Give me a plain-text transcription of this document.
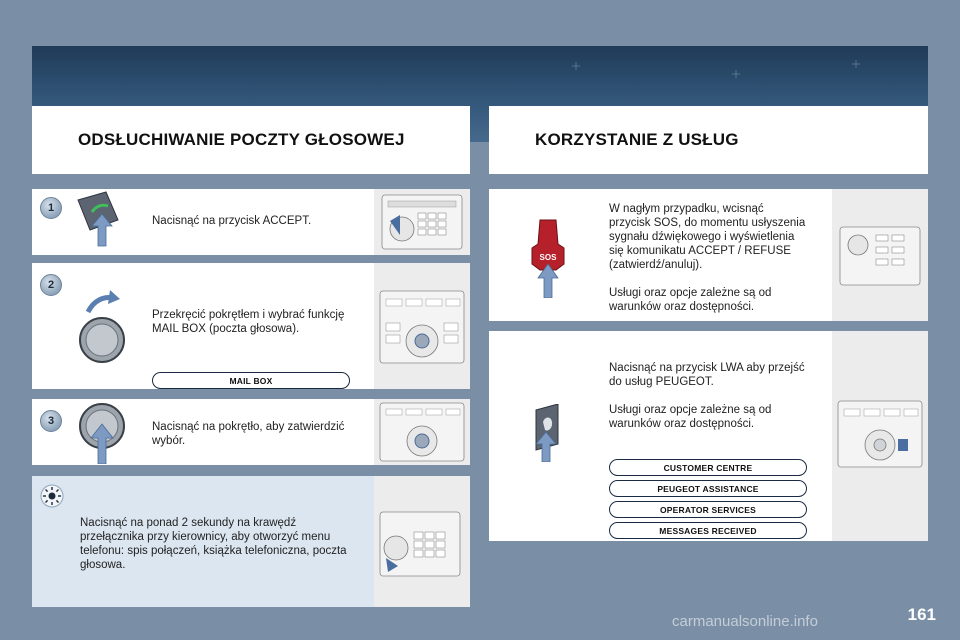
ODSŁUCHIWANIE POCZTY GŁOSOWEJ	KORZYSTANIE Z USŁUG

Nacisnąć na przycisk ACCEPT.

1

Przekręcić pokrętłem i wybrać funkcję
MAIL BOX (poczta głosowa).

2
MAIL BOX

Nacisnąć na pokrętło, aby zatwierdzić
wybór.

3

Nacisnąć na ponad 2 sekundy na krawędź
przełącznika przy kierownicy, aby otworzyć menu
telefonu: spis połączeń, książka telefoniczna, poczta
głosowa.

W nagłym przypadku, wcisnąć
przycisk SOS, do momentu usłyszenia
sygnału dźwiękowego i wyświetlenia
się komunikatu ACCEPT / REFUSE
(zatwierdź/anuluj).

Usługi oraz opcje zależne są od
warunków oraz dostępności.

SOS

Nacisnąć na przycisk LWA aby przejść
do usług PEUGEOT.

Usługi oraz opcje zależne są od
warunków oraz dostępności.

CUSTOMER CENTRE
PEUGEOT ASSISTANCE
OPERATOR SERVICES
MESSAGES RECEIVED
carmanualsonline.info	161
